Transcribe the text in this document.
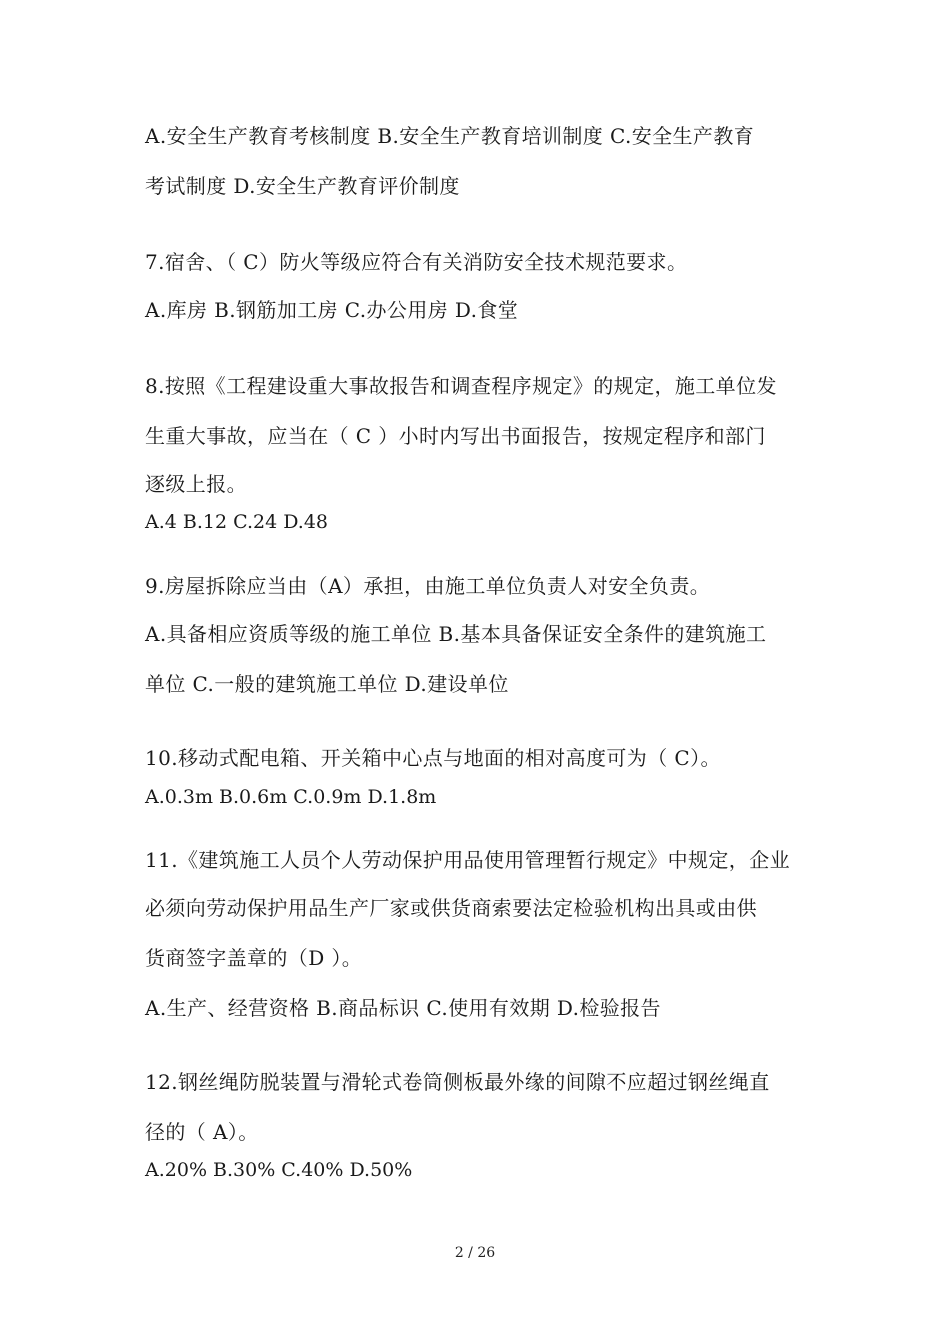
A.安全生产教育考核制度 B.安全生产教育培训制度 C.安全生产教育
考试制度 D.安全生产教育评价制度
7.宿舍、（ C）防火等级应符合有关消防安全技术规范要求。
A.库房 B.钢筋加工房 C.办公用房 D.食堂
8.按照《工程建设重大事故报告和调查程序规定》的规定，施工单位发
生重大事故，应当在（ C ）小时内写出书面报告，按规定程序和部门
逐级上报。
A.4 B.12 C.24 D.48
9.房屋拆除应当由（A）承担，由施工单位负责人对安全负责。
A.具备相应资质等级的施工单位 B.基本具备保证安全条件的建筑施工
单位 C.一般的建筑施工单位 D.建设单位
10.移动式配电箱、开关箱中心点与地面的相对高度可为（ C）。
A.0.3m B.0.6m C.0.9m D.1.8m
11.《建筑施工人员个人劳动保护用品使用管理暂行规定》中规定，企业
必须向劳动保护用品生产厂家或供货商索要法定检验机构出具或由供
货商签字盖章的（D ）。
A.生产、经营资格 B.商品标识 C.使用有效期 D.检验报告
12.钢丝绳防脱装置与滑轮式卷筒侧板最外缘的间隙不应超过钢丝绳直
径的（ A）。
A.20% B.30% C.40% D.50%
2 / 26
